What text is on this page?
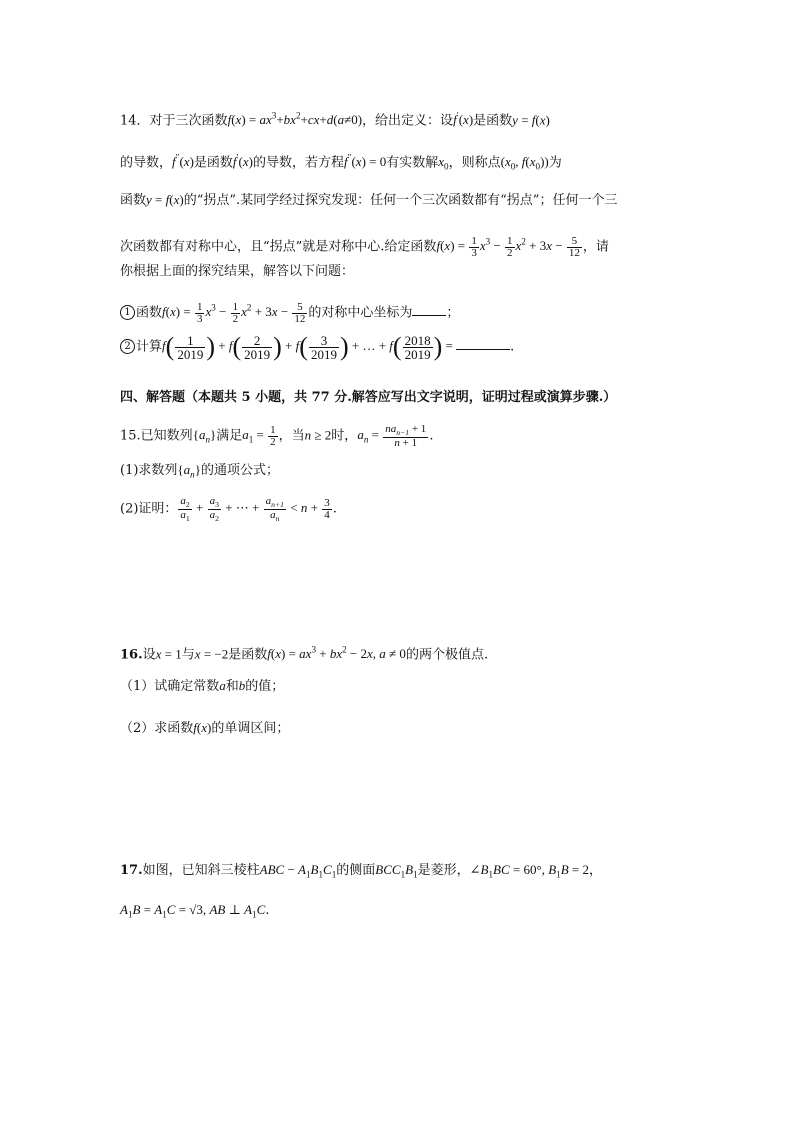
14．对于三次函数$f(x) = ax^3+bx^2+cx+d(a\ne 0)$，给出定义：设f′(x)是函数y = f(x)
的导数，f″(x)是函数f′(x)的导数，若方程f″(x) = 0有实数解$x_0$，则称点($x_0$, $f(x_0)$)为
函数y = f(x)的“拐点”.某同学经过探究发现：任何一个三次函数都有“拐点”；任何一个三
次函数都有对称中心，且“拐点”就是对称中心.给定函数$f(x) = \frac{1}{3} x^3 - \frac{1}{2} x^2 + 3x - \frac{5}{12}$ ，请
你根据上面的探究结果，解答以下问题：
1 函数$f(x) = \frac{1}{3} x^3 - \frac{1}{2} x^2 + 3x - \frac{5}{12}$ 的对称中心坐标为	；
2 计算$f( \frac{1}{2019}$ ) + $f( \frac{2}{2019}$ ) + $f( \frac{3}{2019}$ ) + … + $f( \frac{2018}{2019}$ ) =	.
四、解答题（本题共 5 小题，共 77 分.解答应写出文字说明，证明过程或演算步骤.）
15.已知数列$\{a_n\}$满足$a_1 = \frac{1}{2}$ ，当n ≥ 2时，$a_n = \frac{na_{n-1} + 1}{n + 1}$ .
(1)求数列$\{a_n\}$的通项公式；
(2)证明： $\frac{a_2}{a_1} + \frac{a_3}{a_2}$ + ⋯ + $\frac{a_{n+1}}{a_n} < n + \frac{3}{4}$ .
16.设x = 1与x = −2是函数$f(x) = ax^3 + bx^2 - 2x$, a ≠ 0的两个极值点.
（1）试确定常数a和b的值；
（2）求函数f(x)的单调区间；
17.如图，已知斜三棱柱ABC − $A_1B_1C_1$的侧面$BCC_1B_1$是菱形，$\angle B_1BC = 60^\circ$, $B_1B = 2$，
$A_1B = A_1C = √3$, AB ⊥ $A_1C$.
